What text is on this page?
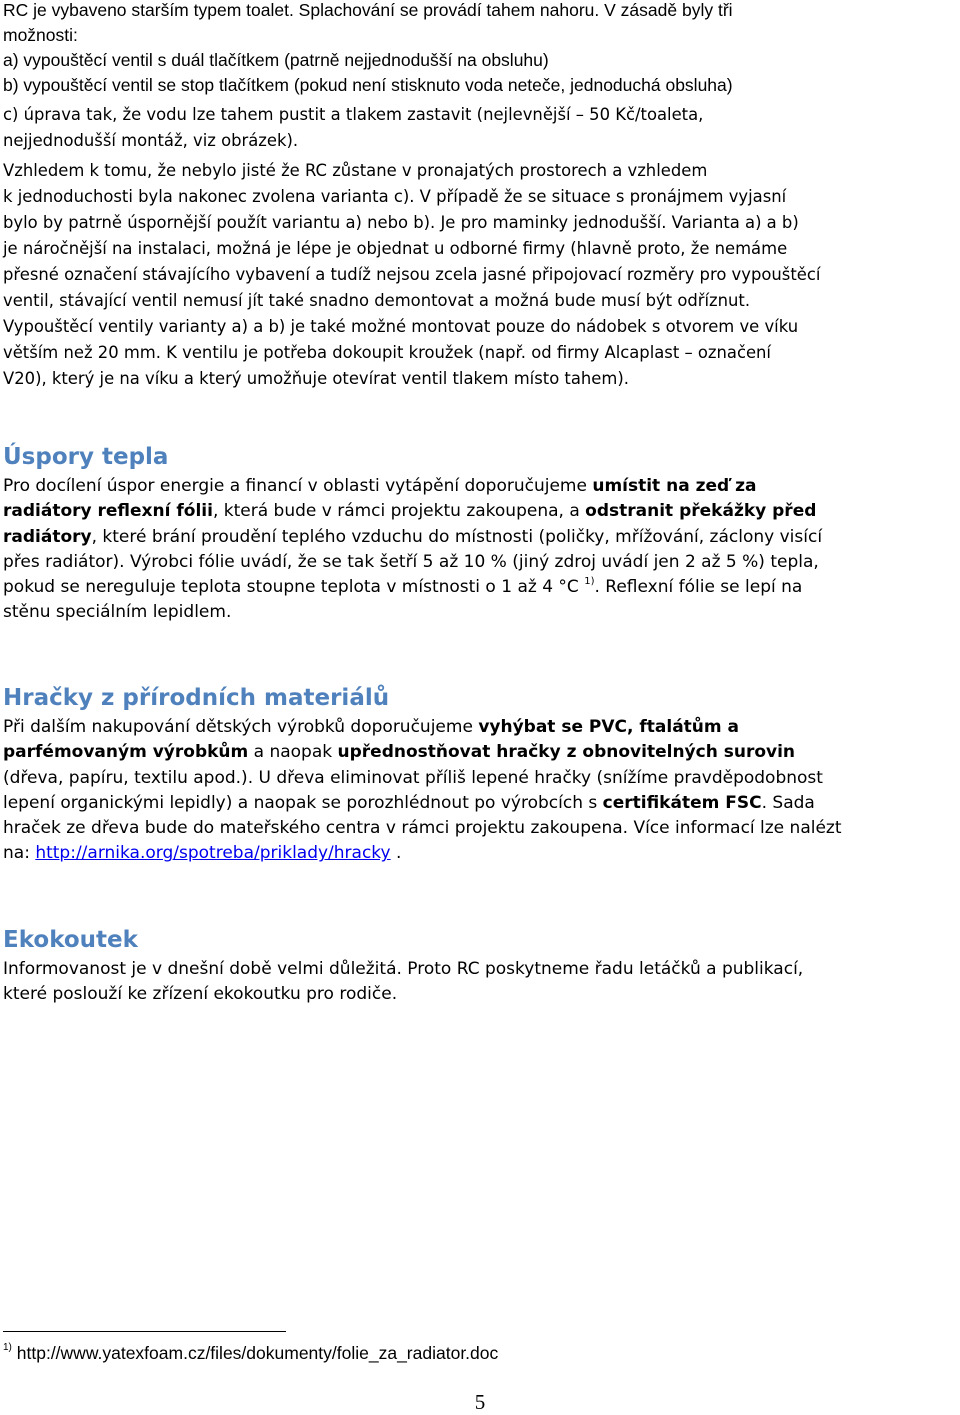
RC je vybaveno starším typem toalet. Splachování se provádí tahem nahoru. V zásadě byly tři
možnosti:
a) vypouštěcí ventil s duál tlačítkem (patrně nejjednodušší na obsluhu)
b) vypouštěcí ventil se stop tlačítkem (pokud není stisknuto voda neteče, jednoduchá obsluha)

c) úprava tak, že vodu lze tahem pustit a tlakem zastavit (nejlevnější – 50 Kč/toaleta,
nejjednodušší montáž, viz obrázek).

Vzhledem k tomu, že nebylo jisté že RC zůstane v pronajatých prostorech a vzhledem
k jednoduchosti byla nakonec zvolena varianta c). V případě že se situace s pronájmem vyjasní
bylo by patrně úspornější použít variantu a) nebo b). Je pro maminky jednodušší. Varianta a) a b)
je náročnější na instalaci, možná je lépe je objednat u odborné firmy (hlavně proto, že nemáme
přesné označení stávajícího vybavení a tudíž nejsou zcela jasné připojovací rozměry pro vypouštěcí
ventil, stávající ventil nemusí jít také snadno demontovat a možná bude musí být odříznut.
Vypouštěcí ventily varianty a) a b) je také možné montovat pouze do nádobek s otvorem ve víku
větším než 20 mm. K ventilu je potřeba dokoupit kroužek (např. od firmy Alcaplast – označení
V20), který je na víku a který umožňuje otevírat ventil tlakem místo tahem).

Úspory tepla

Pro docílení úspor energie a financí v oblasti vytápění doporučujeme umístit na zeď za
radiátory reflexní fólii, která bude v rámci projektu zakoupena, a odstranit překážky před
radiátory, které brání proudění teplého vzduchu do místnosti (poličky, mřížování, záclony visící
přes radiátor). Výrobci fólie uvádí, že se tak šetří 5 až 10 % (jiný zdroj uvádí jen 2 až 5 %) tepla,
pokud se nereguluje teplota stoupne teplota v místnosti o 1 až 4 °C $^{1)}$. Reflexní fólie se lepí na
stěnu speciálním lepidlem.

Hračky z přírodních materiálů

Při dalším nakupování dětských výrobků doporučujeme vyhýbat se PVC, ftalátům a
parfémovaným výrobkům a naopak upřednostňovat hračky z obnovitelných surovin
(dřeva, papíru, textilu apod.). U dřeva eliminovat příliš lepené hračky (snížíme pravděpodobnost
lepení organickými lepidly) a naopak se porozhlédnout po výrobcích s certifikátem FSC. Sada
hraček ze dřeva bude do mateřského centra v rámci projektu zakoupena. Více informací lze nalézt
na: http://arnika.org/spotreba/priklady/hracky .

Ekokoutek

Informovanost je v dnešní době velmi důležitá. Proto RC poskytneme řadu letáčků a publikací,
které poslouží ke zřízení ekokoutku pro rodiče.

$^{1)}$ http://www.yatexfoam.cz/files/dokumenty/folie_za_radiator.doc
5
